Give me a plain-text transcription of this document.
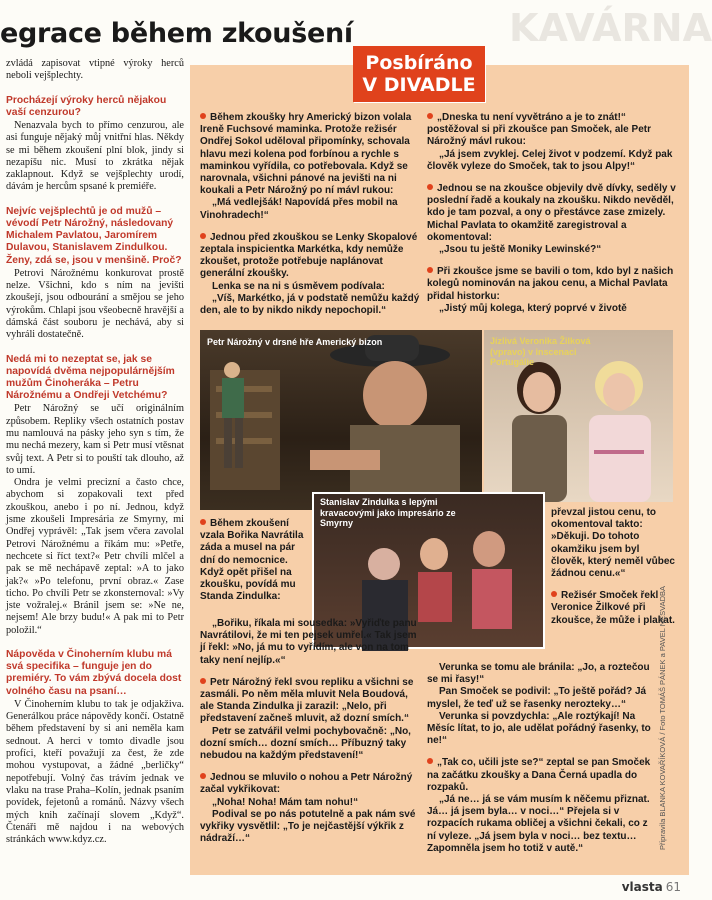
KAVÁRNA
egrace během zkoušení

zvládá zapisovat vtipné výroky herců neboli vejšplechty.

Procházejí výroky herců nějakou vaší cenzurou?

Nenazvala bych to přímo cenzurou, ale asi funguje nějaký můj vnitřní hlas. Někdy se mi během zkoušení plní blok, jindy si nezapíšu nic. Musí to zkrátka nějak zaklapnout. Když se vejšplechty urodí, dávám je hercům spsané k premiéře.

Nejvíc vejšplechtů je od mužů – vévodí Petr Nárožný, následovaný Michalem Pavlatou, Jaromírem Dulavou, Stanislavem Zindulkou. Ženy, zdá se, jsou v menšině. Proč?

Petrovi Nárožnému konkurovat prostě nelze. Všichni, kdo s ním na jevišti zkoušejí, jsou odbourání a smějou se jeho výrokům. Chlapi jsou všeobecně hravější a dámská část souboru je nechává, aby si vyhráli dostatečně.

Nedá mi to nezeptat se, jak se napovídá dvěma nejpopulárnějším mužům Činoherákа – Petru Nárožnému a Ondřeji Vetchému?

Petr Nárožný se učí originálním způsobem. Repliky všech ostatních postav mu namlouvá na pásky jeho syn s tím, že mu nechá mezery, kam si Petr musí vtěsnat svůj text. A Petr si to pouští tak dlouho, až to umí.

Ondra je velmi precizní a často chce, abychom si zopakovali text před zkouškou, anebo i po ní. Jednou, když jsme zkoušeli Impresária ze Smyrny, mi Ondřej vyprávěl: „Tak jsem včera zavolal Petrovi Nárožnému a říkám mu: »Petře, nechcete si říct text?« Petr chvíli mlčel a pak se mě nechápavě zeptal: »A to jako jak?« »Po telefonu, první obraz.« Zase ticho. Po chvíli Petr se zkonsternoval: »Vy jste vožralej.« Bránil jsem se: »Ne ne, nejsem! Ale brzy budu!« A pak mi to Petr položil.“

Nápověda v Činoherním klubu má svá specifika – funguje jen do premiéry. To vám zbývá docela dost volného času na psaní…

V Činoherním klubu to tak je odjakživa. Generálkou práce nápovědy končí. Ostatně během představení by si ani neměla kam sednout. A herci v tomto divadle jsou profíci, kteří považují za čest, že zde mohou vystupovat, a žádné „berličky“ nepotřebují. Volný čas trávím jednak ve vlaku na trase Praha–Kolín, jednak psaním povídek, fejetonů a románů. Názvy všech mých knih začínají slovem „Když“. Čtenáři mě najdou i na webových stránkách www.kdyz.cz.

Posbíráno
V DIVADLE

Během zkoušky hry Americký bizon volala Ireně Fuchsové maminka. Protože režisér Ondřej Sokol uděloval připomínky, schovala hlavu mezi kolena pod forbínou a rychle s maminkou vyřídila, co potřebovala. Když se narovnala, všichni pánové na jevišti na ni koukali a Petr Nárožný po ní mávl rukou:

„Má vedlejšák! Napovídá přes mobil na Vinohradech!“

Jednou před zkouškou se Lenky Skopalové zeptala inspicientka Markétka, kdy nemůže zkoušet, protože potřebuje naplánovat generální zkoušky.

Lenka se na ni s úsměvem podívala:

„Víš, Markétko, já v podstatě nemůžu každý den, ale to by nikdo nikdy nepochopil.“

„Dneska tu není vyvětráno a je to znát!“ postěžoval si při zkoušce pan Smoček, ale Petr Nárožný mávl rukou:

„Já jsem zvyklej. Celej život v podzemí. Když pak člověk vyleze do Smoček, tak to jsou Alpy!“

Jednou se na zkoušce objevily dvě dívky, seděly v poslední řadě a koukaly na zkoušku. Nikdo nevěděl, kdo je tam pozval, a ony o přestávce zase zmizely. Michal Pavlata to okamžitě zaregistroval a okomentoval:

„Jsou tu ještě Moniky Lewinské?“

Při zkoušce jsme se bavili o tom, kdo byl z našich kolegů nominován na jakou cenu, a Michal Pavlata přidal historku:

„Jistý můj kolega, který poprvé v životě

Petr Nárožný v drsné hře Americký bizon	Jízlivá Veronika Žilková (vpravo) v inscenaci Portugálie
Stanislav Zindulka s lepými kravaсovými jako impresário ze Smyrny

Během zkoušení vzala Bořika Navrátila záda a musel na pár dní do nemocnice. Když opět přišel na zkoušku, povídá mu Standa Zindulka:

„Bořiku, říkala mi sousedka: »Vyřiďte panu Navrátilovi, že mi ten pejsek umřel.« Tak jsem jí řekl: »No, já mu to vyřídím, ale von na tom taky není nejlíp.«“

Petr Nárožný řekl svou repliku a všichni se zasmáli. Po něm měla mluvit Nela Boudová, ale Standa Zindulka ji zarazil: „Nelo, při představení začneš mluvit, až dozní smích.“

Petr se zatvářil velmi pochybovačně: „No, dozní smích… dozní smích… Příbuzný taky nebudou na každým představení!“

Jednou se mluvilo o nohou a Petr Nárožný začal vykřikovat:

„Noha! Noha! Mám tam nohu!“

Podival se po nás potutelně a pak nám své vykřiky vysvětlil: „To je nejčastější výkřik z nádraží…“

převzal jistou cenu, to okomentoval takto: »Děkuji. Do tohoto okamžiku jsem byl člověk, který neměl vůbec žádnou cenu.«“

Režisér Smoček řekl Veronice Žilkové při zkoušce, že může i plakat.

Verunka se tomu ale bránila: „Jo, a roztečou se mi řasy!“

Pan Smoček se podivil: „To ještě pořád? Já myslel, že teď už se řasenky nerozteky…“

Verunka si povzdychla: „Ale roztýkají! Na Měsíc lítat, to jo, ale udělat pořádný řasenky, to ne!“

„Tak co, učili jste se?“ zeptal se pan Smoček na začátku zkoušky a Dana Černá upadla do rozpaků.

„Já ne… já se vám musím k něčemu přiznat. Já… já jsem byla… v noci…“ Přejela si v rozpacích rukama obličej a všichni čekali, co z ní vyleze. „Já jsem byla v noci… bez textu… Zapomněla jsem ho totiž v autě.“	Připravila BLANKA KOVAŘÍKOVÁ / Foto TOMÁŠ PÁNEK a PAVEL NESVADBA
vlasta 61
